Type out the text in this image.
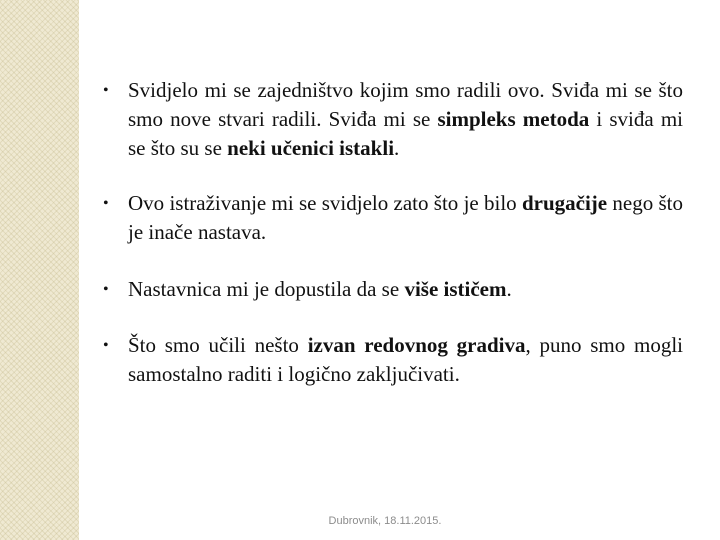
• Svidjelo mi se zajedništvo kojim smo radili ovo. Sviđa mi se što smo nove stvari radili. Sviđa mi se simpleks metoda i sviđa mi se što su se neki učenici istakli.
• Ovo istraživanje mi se svidjelo zato što je bilo drugačije nego što je inače nastava.
• Nastavnica mi je dopustila da se više ističem.
• Što smo učili nešto izvan redovnog gradiva, puno smo mogli samostalno raditi i logično zaključivati.
Dubrovnik, 18.11.2015.
